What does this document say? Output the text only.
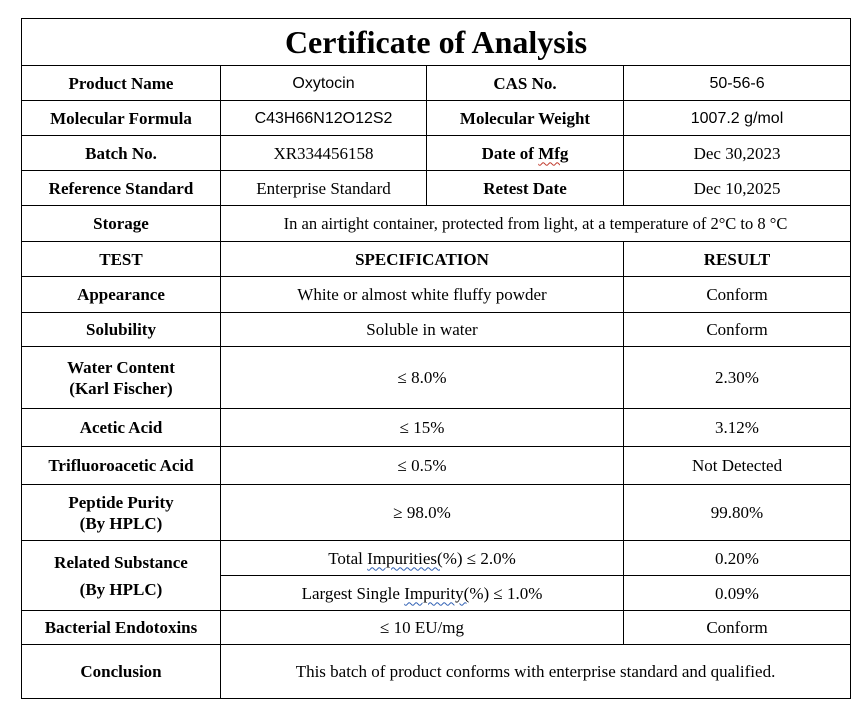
Certificate of Analysis			
Product Name	Oxytocin	CAS No.	50-56-6
Molecular Formula	C43H66N12O12S2	Molecular Weight	1007.2 g/mol
Batch No.	XR334456158	Date of Mfg	Dec 30,2023
Reference Standard	Enterprise Standard	Retest Date	Dec 10,2025
Storage	In an airtight container, protected from light, at a temperature of 2°C to 8 °C		
TEST	SPECIFICATION		RESULT
Appearance	White or almost white fluffy powder		Conform
Solubility	Soluble in water		Conform

Water Content
(Karl Fischer)	≤ 8.0%		2.30%
Acetic Acid	≤ 15%		3.12%
Trifluoroacetic Acid	≤ 0.5%		Not Detected

Peptide Purity
(By HPLC)	≥ 98.0%		99.80%

Related Substance
(By HPLC)	Total Impurities(%) ≤ 2.0%		0.20%
	Largest Single Impurity(%) ≤ 1.0%		0.09%
Bacterial Endotoxins	≤ 10 EU/mg		Conform
Conclusion	This batch of product conforms with enterprise standard and qualified.		
